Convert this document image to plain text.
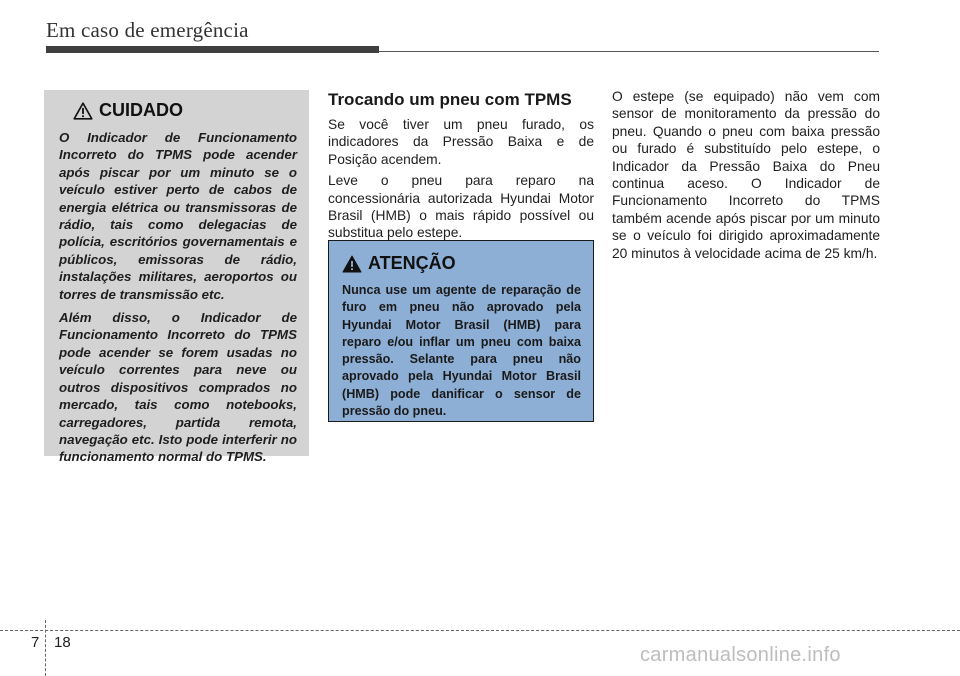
Em caso de emergência
CUIDADO

O Indicador de Funcionamento Incorreto do TPMS pode acender após piscar por um minuto se o veículo estiver perto de cabos de energia elétrica ou transmissoras de rádio, tais como delegacias de polícia, escritórios governamentais e públicos, emissoras de rádio, instalações militares, aeroportos ou torres de transmissão etc.

Além disso, o Indicador de Funcionamento Incorreto do TPMS pode acender se forem usadas no veículo correntes para neve ou outros dispositivos comprados no mercado, tais como notebooks, carregadores, partida remota, navegação etc. Isto pode interferir no funcionamento normal do TPMS.

Trocando um pneu com TPMS

Se você tiver um pneu furado, os indicadores da Pressão Baixa e de Posição acendem.

Leve o pneu para reparo na concessionária autorizada Hyundai Motor Brasil (HMB) o mais rápido possível ou substitua pelo estepe.

ATENÇÃO

Nunca use um agente de reparação de furo em pneu não aprovado pela Hyundai Motor Brasil (HMB) para reparo e/ou inflar um pneu com baixa pressão. Selante para pneu não aprovado pela Hyundai Motor Brasil (HMB) pode danificar o sensor de pressão do pneu.

O estepe (se equipado) não vem com sensor de monitoramento da pressão do pneu. Quando o pneu com baixa pressão ou furado é substituído pelo estepe, o Indicador da Pressão Baixa do Pneu continua aceso. O Indicador de Funcionamento Incorreto do TPMS também acende após piscar por um minuto se o veículo foi dirigido aproximadamente 20 minutos à velocidade acima de 25 km/h.

7 18
carmanualsonline.info
